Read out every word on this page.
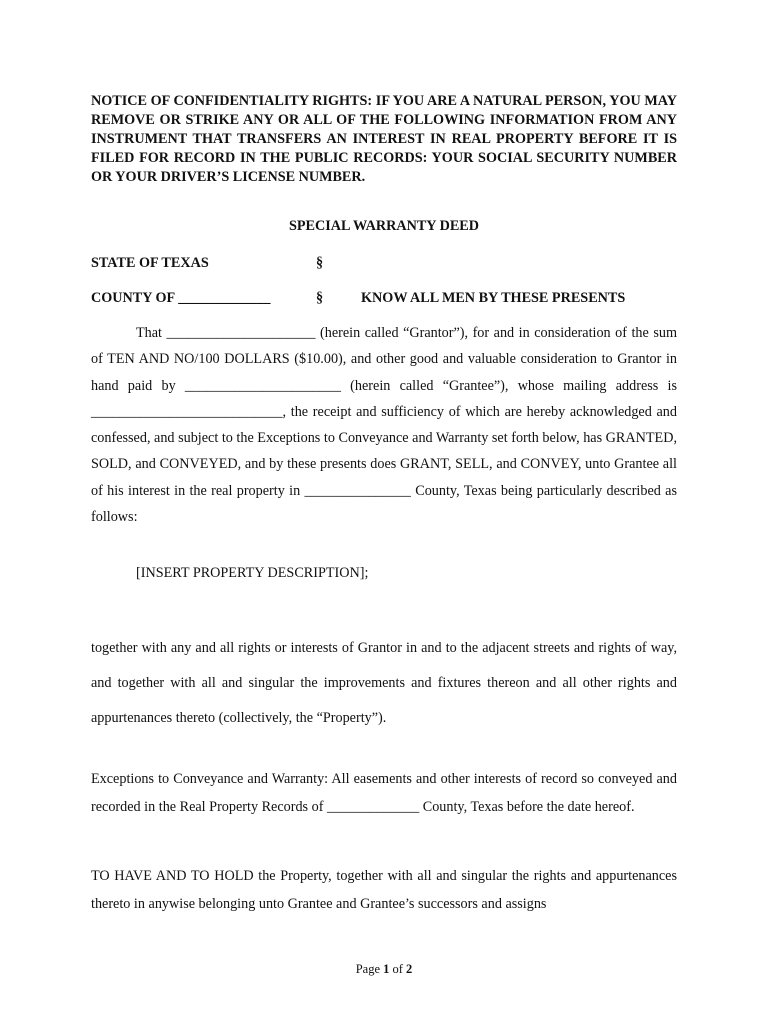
NOTICE OF CONFIDENTIALITY RIGHTS: IF YOU ARE A NATURAL PERSON, YOU MAY REMOVE OR STRIKE ANY OR ALL OF THE FOLLOWING INFORMATION FROM ANY INSTRUMENT THAT TRANSFERS AN INTEREST IN REAL PROPERTY BEFORE IT IS FILED FOR RECORD IN THE PUBLIC RECORDS: YOUR SOCIAL SECURITY NUMBER OR YOUR DRIVER’S LICENSE NUMBER.
SPECIAL WARRANTY DEED
STATE OF TEXAS	§
COUNTY OF _____________	§	KNOW ALL MEN BY THESE PRESENTS
That _____________________ (herein called “Grantor”), for and in consideration of the sum of TEN AND NO/100 DOLLARS ($10.00), and other good and valuable consideration to Grantor in hand paid by ______________________ (herein called “Grantee”), whose mailing address is ___________________________, the receipt and sufficiency of which are hereby acknowledged and confessed, and subject to the Exceptions to Conveyance and Warranty set forth below, has GRANTED, SOLD, and CONVEYED, and by these presents does GRANT, SELL, and CONVEY, unto Grantee all of his interest in the real property in _______________ County, Texas being particularly described as follows:
[INSERT PROPERTY DESCRIPTION];
together with any and all rights or interests of Grantor in and to the adjacent streets and rights of way, and together with all and singular the improvements and fixtures thereon and all other rights and appurtenances thereto (collectively, the “Property”).
Exceptions to Conveyance and Warranty: All easements and other interests of record so conveyed and recorded in the Real Property Records of _____________ County, Texas before the date hereof.
TO HAVE AND TO HOLD the Property, together with all and singular the rights and appurtenances thereto in anywise belonging unto Grantee and Grantee’s successors and assigns
Page 1 of 2
